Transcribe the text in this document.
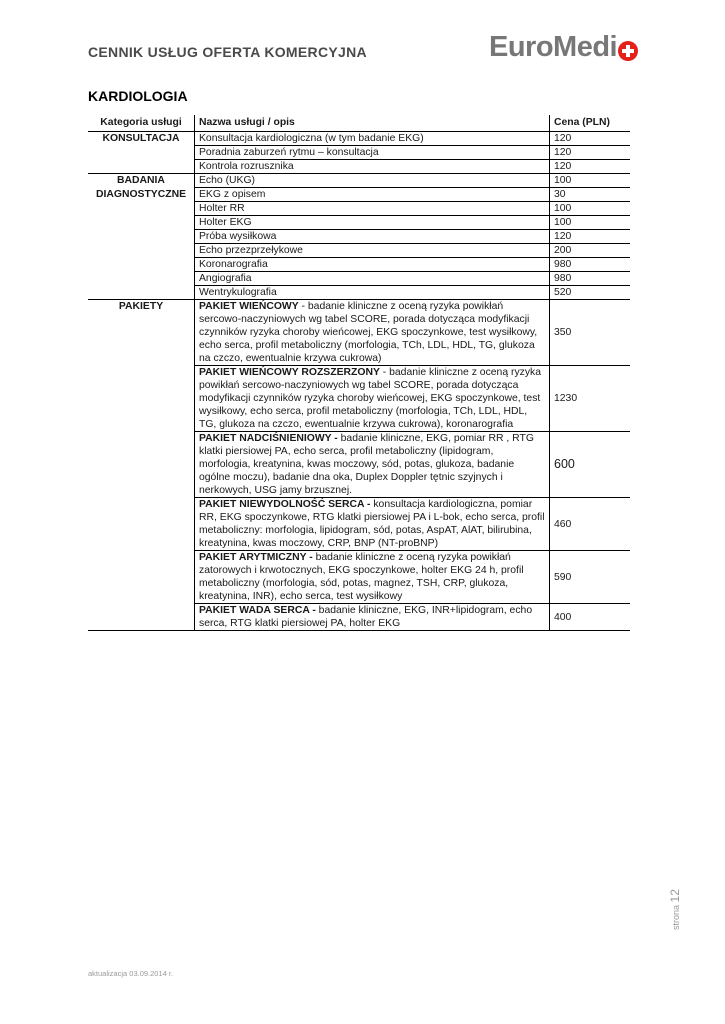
CENNIK USŁUG OFERTA KOMERCYJNA	EuroMedi
KARDIOLOGIA
Kategoria usługi	Nazwa usługi / opis	Cena (PLN)
KONSULTACJA	Konsultacja kardiologiczna (w tym badanie EKG)	120
	Poradnia zaburzeń rytmu – konsultacja	120
	Kontrola rozrusznika	120
BADANIA
DIAGNOSTYCZNE	Echo (UKG)	100
	EKG z opisem	30
	Holter RR	100
	Holter EKG	100
	Próba wysiłkowa	120
	Echo przezprzełykowe	200
	Koronarografia	980
	Angiografia	980
	Wentrykulografia	520
PAKIETY	PAKIET WIEŃCOWY - badanie kliniczne z oceną ryzyka powikłań sercowo-naczyniowych wg tabel SCORE, porada dotycząca modyfikacji czynników ryzyka choroby wieńcowej, EKG spoczynkowe, test wysiłkowy, echo serca, profil metaboliczny (morfologia, TCh, LDL, HDL, TG, glukoza na czczo, ewentualnie krzywa cukrowa)	350
	PAKIET WIEŃCOWY ROZSZERZONY - badanie kliniczne z oceną ryzyka powikłań sercowo-naczyniowych wg tabel SCORE, porada dotycząca modyfikacji czynników ryzyka choroby wieńcowej, EKG spoczynkowe, test wysiłkowy, echo serca, profil metaboliczny (morfologia, TCh, LDL, HDL, TG, glukoza na czczo, ewentualnie krzywa cukrowa), koronarografia	1230
	PAKIET NADCIŚNIENIOWY - badanie kliniczne, EKG, pomiar RR , RTG klatki piersiowej PA, echo serca, profil metaboliczny (lipidogram, morfologia, kreatynina, kwas moczowy, sód, potas, glukoza, badanie ogólne moczu), badanie dna oka, Duplex Doppler tętnic szyjnych i nerkowych, USG jamy brzusznej.	600
	PAKIET NIEWYDOLNOŚĆ SERCA - konsultacja kardiologiczna, pomiar RR, EKG spoczynkowe, RTG klatki piersiowej PA i L-bok, echo serca, profil metaboliczny: morfologia, lipidogram, sód, potas, AspAT, AlAT, bilirubina, kreatynina, kwas moczowy, CRP, BNP (NT-proBNP)	460
	PAKIET ARYTMICZNY - badanie kliniczne z oceną ryzyka powikłań zatorowych i krwotocznych, EKG spoczynkowe, holter EKG 24 h, profil metaboliczny (morfologia, sód, potas, magnez, TSH, CRP, glukoza, kreatynina, INR), echo serca, test wysiłkowy	590
	PAKIET WADA SERCA - badanie kliniczne, EKG, INR+lipidogram, echo serca, RTG klatki piersiowej PA, holter EKG	400
aktualizacja 03.09.2014 r.
strona 12
